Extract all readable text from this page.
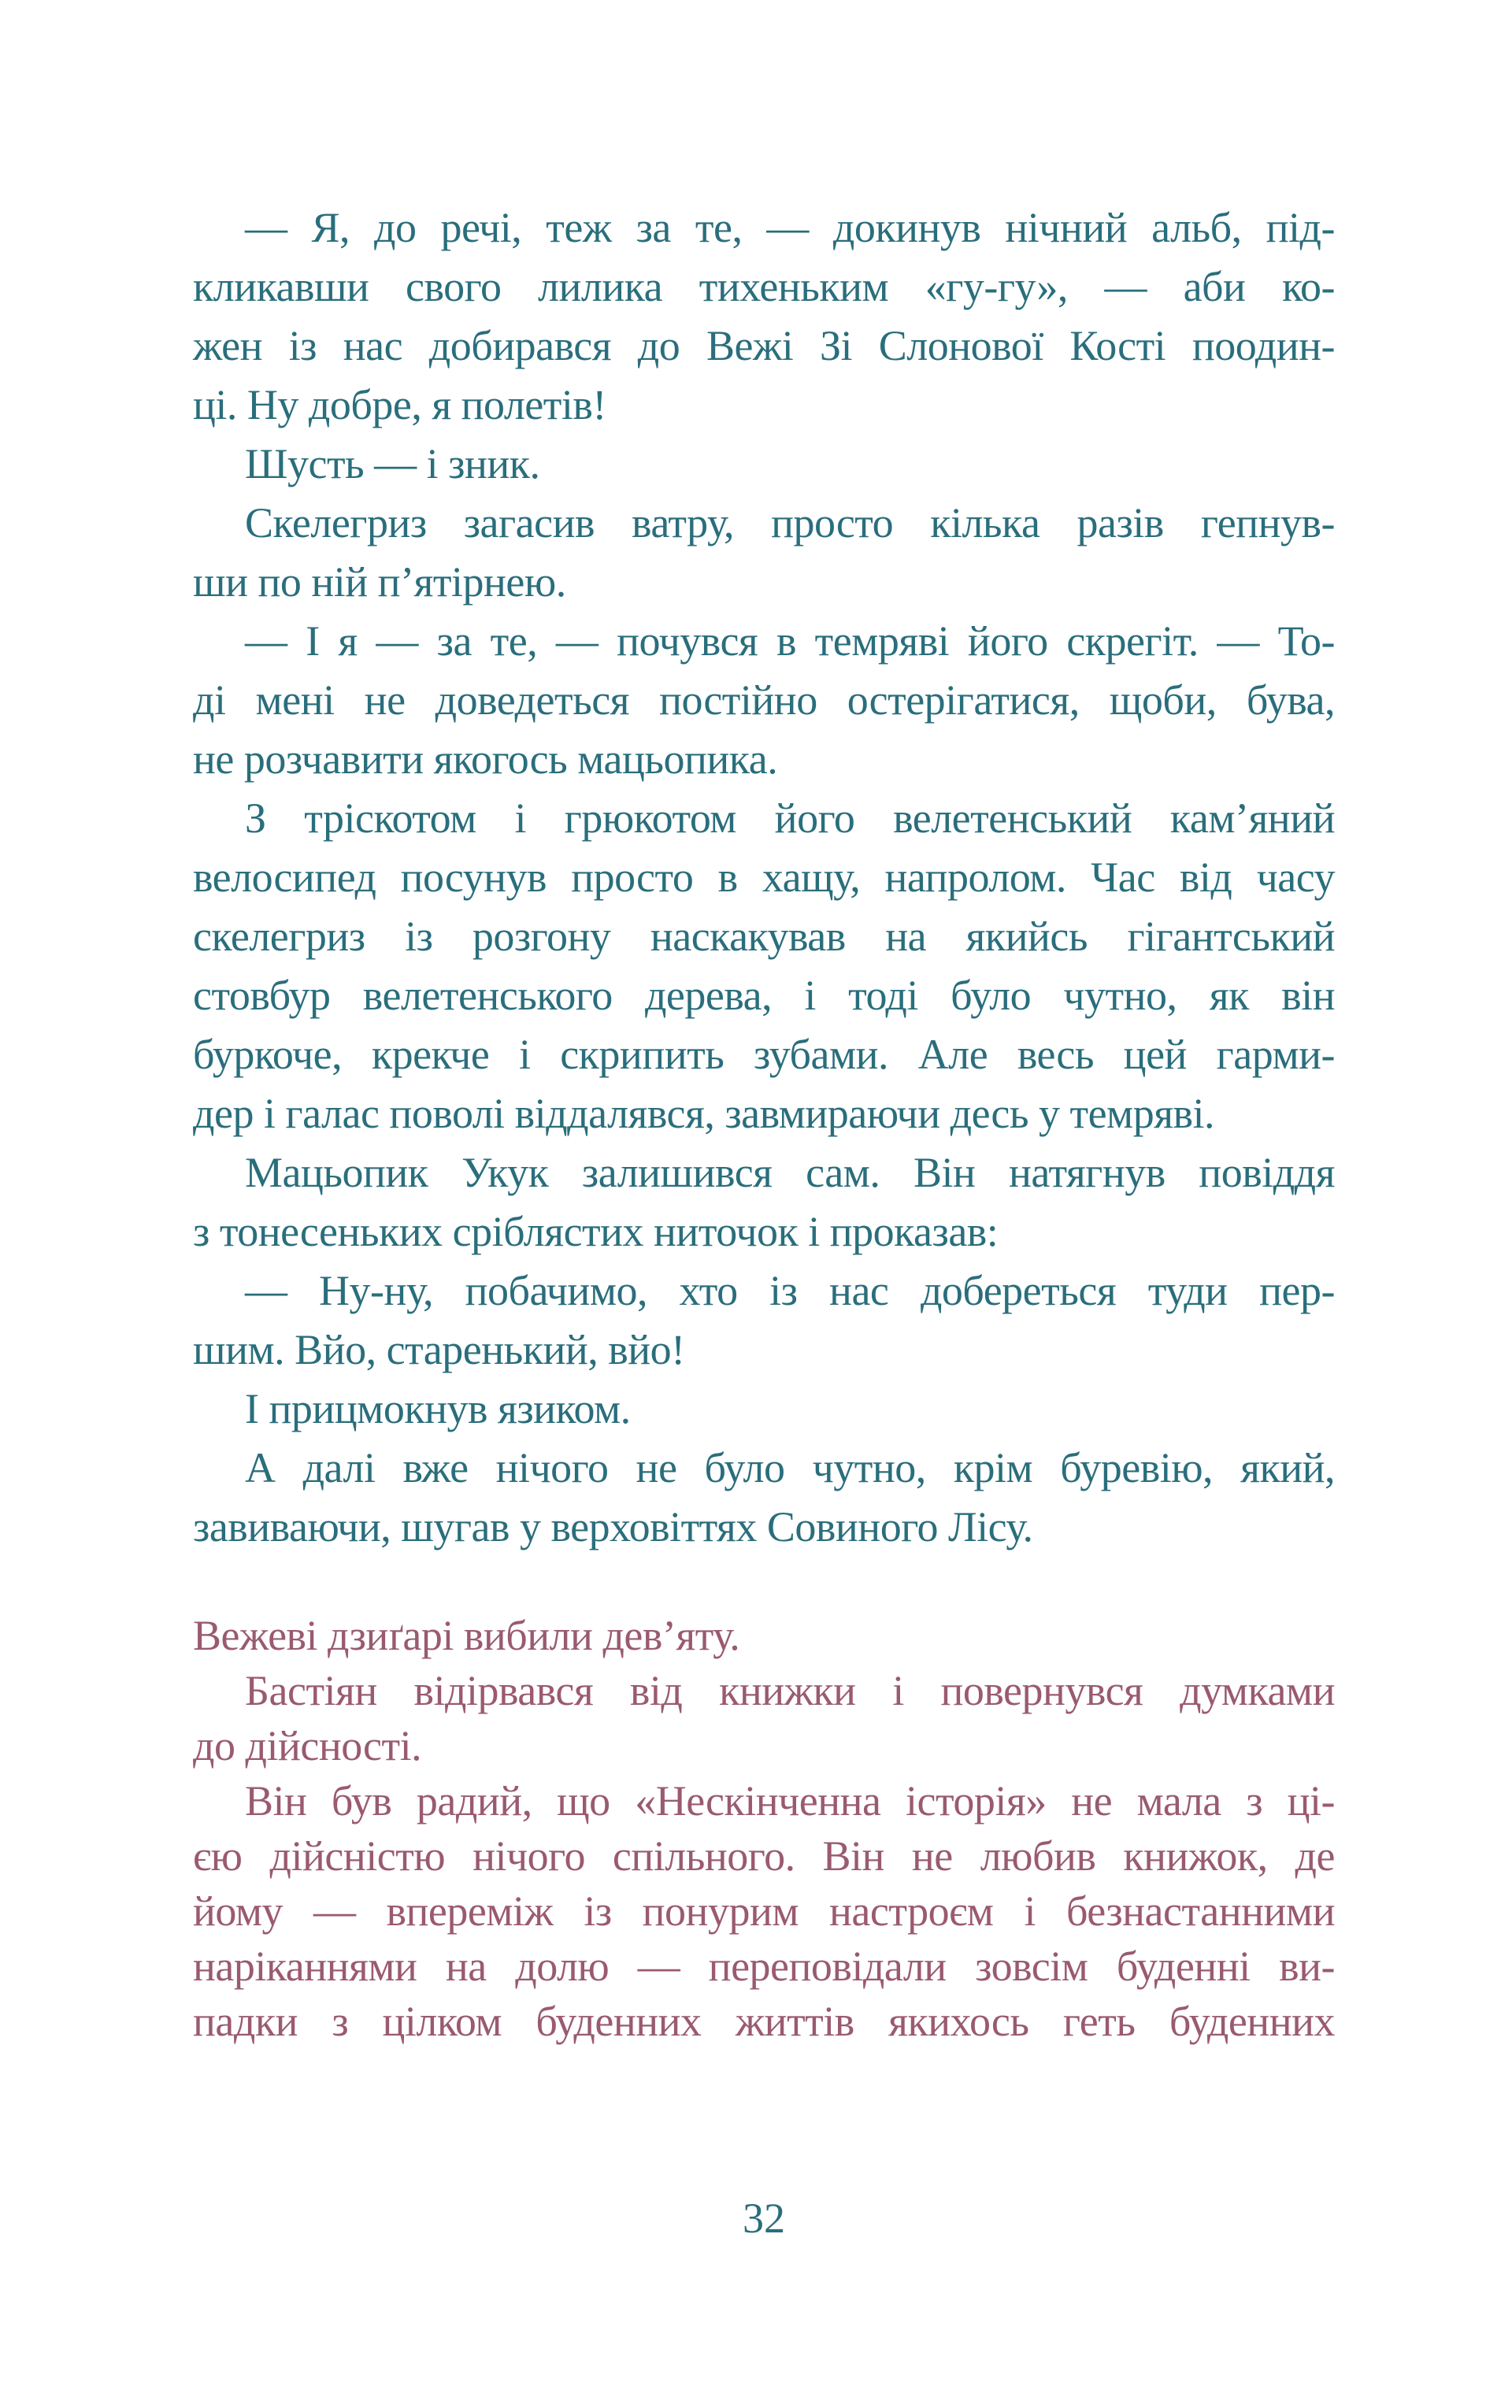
— Я, до речі, теж за те, — докинув нічний альб, під-
кликавши свого лилика тихеньким «гу-гу», — аби ко-
жен із нас добирався до Вежі Зі Слонової Кості поодин-
ці. Ну добре, я полетів!
Шусть — і зник.
Скелегриз загасив ватру, просто кілька разів гепнув-
ши по ній п’ятірнею.
— І я — за те, — почувся в темряві його скрегіт. — То-
ді мені не доведеться постійно остерігатися, щоби, бува,
не розчавити якогось мацьопика.
З тріскотом і грюкотом його велетенський кам’яний
велосипед посунув просто в хащу, напролом. Час від часу
скелегриз із розгону наскакував на якийсь гігантський
стовбур велетенського дерева, і тоді було чутно, як він
буркоче, крекче і скрипить зубами. Але весь цей гарми-
дер і галас поволі віддалявся, завмираючи десь у темряві.
Мацьопик Укук залишився сам. Він натягнув повіддя
з тонесеньких сріблястих ниточок і проказав:
— Ну-ну, побачимо, хто із нас добереться туди пер-
шим. Вйо, старенький, вйо!
І прицмокнув язиком.
А далі вже нічого не було чутно, крім буревію, який,
завиваючи, шугав у верховіттях Совиного Лісу.
Вежеві дзиґарі вибили дев’яту.
Бастіян відірвався від книжки і повернувся думками
до дійсності.
Він був радий, що «Нескінченна історія» не мала з ці-
єю дійсністю нічого спільного. Він не любив книжок, де
йому — впереміж із понурим настроєм і безнастанними
наріканнями на долю — переповідали зовсім буденні ви-
падки з цілком буденних життів якихось геть буденних
32
